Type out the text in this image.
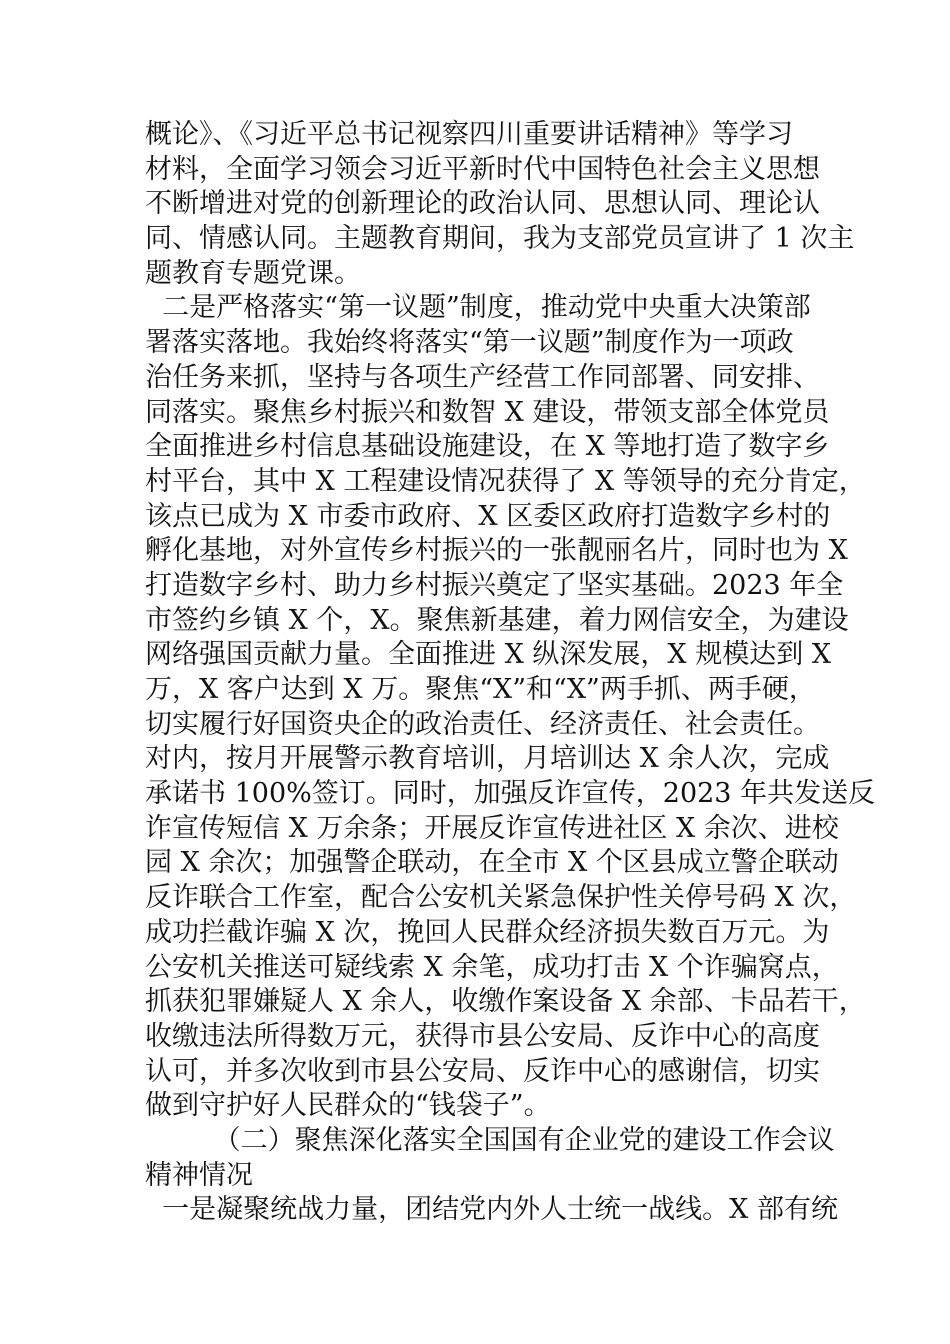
概论》、《习近平总书记视察四川重要讲话精神》等学习
材料，全面学习领会习近平新时代中国特色社会主义思想
不断增进对党的创新理论的政治认同、思想认同、理论认
同、情感认同。主题教育期间，我为支部党员宣讲了 1 次主
题教育专题党课。
二是严格落实“第一议题”制度，推动党中央重大决策部
署落实落地。我始终将落实“第一议题”制度作为一项政
治任务来抓，坚持与各项生产经营工作同部署、同安排、
同落实。聚焦乡村振兴和数智 X 建设，带领支部全体党员
全面推进乡村信息基础设施建设，在 X 等地打造了数字乡
村平台，其中 X 工程建设情况获得了 X 等领导的充分肯定，
该点已成为 X 市委市政府、X 区委区政府打造数字乡村的
孵化基地，对外宣传乡村振兴的一张靓丽名片，同时也为 X
打造数字乡村、助力乡村振兴奠定了坚实基础。2023 年全
市签约乡镇 X 个，X。聚焦新基建，着力网信安全，为建设
网络强国贡献力量。全面推进 X 纵深发展，X 规模达到 X
万，X 客户达到 X 万。聚焦“X”和“X”两手抓、两手硬，
切实履行好国资央企的政治责任、经济责任、社会责任。
对内，按月开展警示教育培训，月培训达 X 余人次，完成
承诺书 100%签订。同时，加强反诈宣传，2023 年共发送反
诈宣传短信 X 万余条；开展反诈宣传进社区 X 余次、进校
园 X 余次；加强警企联动，在全市 X 个区县成立警企联动
反诈联合工作室，配合公安机关紧急保护性关停号码 X 次，
成功拦截诈骗 X 次，挽回人民群众经济损失数百万元。为
公安机关推送可疑线索 X 余笔，成功打击 X 个诈骗窝点，
抓获犯罪嫌疑人 X 余人，收缴作案设备 X 余部、卡品若干，
收缴违法所得数万元，获得市县公安局、反诈中心的高度
认可，并多次收到市县公安局、反诈中心的感谢信，切实
做到守护好人民群众的“钱袋子”。
（二）聚焦深化落实全国国有企业党的建设工作会议
精神情况
一是凝聚统战力量，团结党内外人士统一战线。X 部有统
